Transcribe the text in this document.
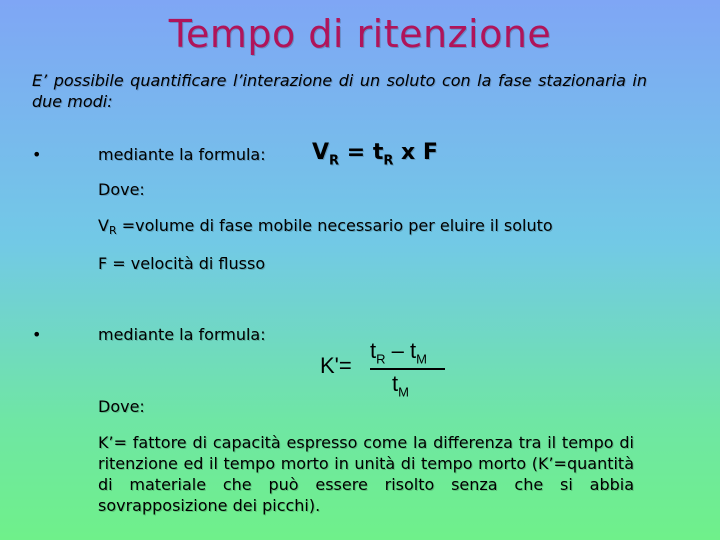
Tempo di ritenzione
E’ possibile quantificare l’interazione di un soluto con la fase stazionaria in due modi:
•	mediante la formula: $V_R = t_R$ x F
Dove:
VR =volume di fase mobile necessario per eluire il soluto
F = velocità di flusso
•	mediante la formula:
K'=
$t_R - t_M$
$t_M$
Dove:
K’= fattore di capacità espresso come la differenza tra il tempo di ritenzione ed il tempo morto in unità di tempo morto (K’=quantità di materiale che può essere risolto senza che si abbia sovrapposizione dei picchi).
